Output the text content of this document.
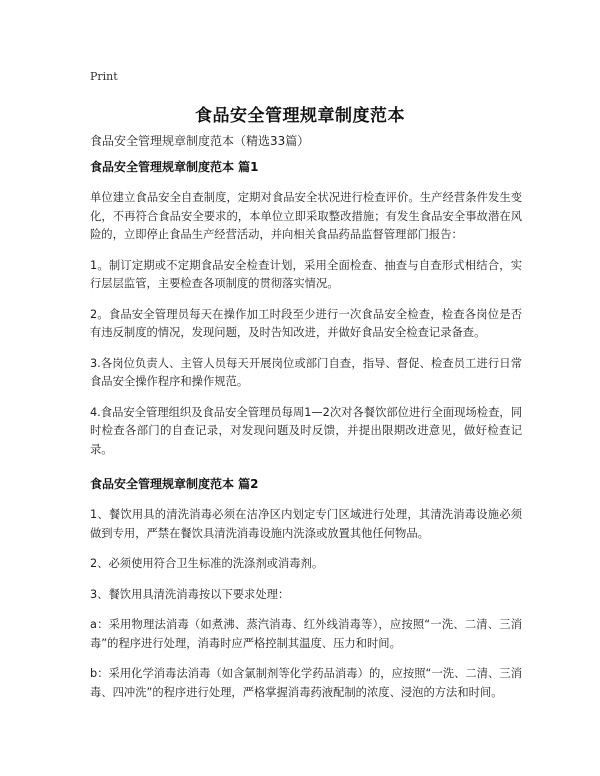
Print
食品安全管理规章制度范本
食品安全管理规章制度范本（精选33篇）
食品安全管理规章制度范本 篇1

单位建立食品安全自查制度，定期对食品安全状况进行检查评价。生产经营条件发生变化，不再符合食品安全要求的，本单位立即采取整改措施；有发生食品安全事故潜在风险的，立即停止食品生产经营活动，并向相关食品药品监督管理部门报告：

1。制订定期或不定期食品安全检查计划，采用全面检查、抽查与自查形式相结合，实行层层监管，主要检查各项制度的贯彻落实情况。

2。食品安全管理员每天在操作加工时段至少进行一次食品安全检查，检查各岗位是否有违反制度的情况，发现问题，及时告知改进，并做好食品安全检查记录备查。

3.各岗位负责人、主管人员每天开展岗位或部门自查，指导、督促、检查员工进行日常食品安全操作程序和操作规范。

4.食品安全管理组织及食品安全管理员每周1—2次对各餐饮部位进行全面现场检查，同时检查各部门的自查记录，对发现问题及时反馈，并提出限期改进意见，做好检查记录。

食品安全管理规章制度范本 篇2

1、餐饮用具的清洗消毒必须在洁净区内划定专门区域进行处理，其清洗消毒设施必须做到专用，严禁在餐饮具清洗消毒设施内洗涤或放置其他任何物品。

2、必须使用符合卫生标准的洗涤剂或消毒剂。

3、餐饮用具清洗消毒按以下要求处理：

a：采用物理法消毒（如煮沸、蒸汽消毒、红外线消毒等），应按照“一洗、二清、三消毒”的程序进行处理，消毒时应严格控制其温度、压力和时间。

b：采用化学消毒法消毒（如含氯制剂等化学药品消毒）的，应按照“一洗、二清、三消毒、四冲洗”的程序进行处理，严格掌握消毒药液配制的浓度、浸泡的方法和时间。
